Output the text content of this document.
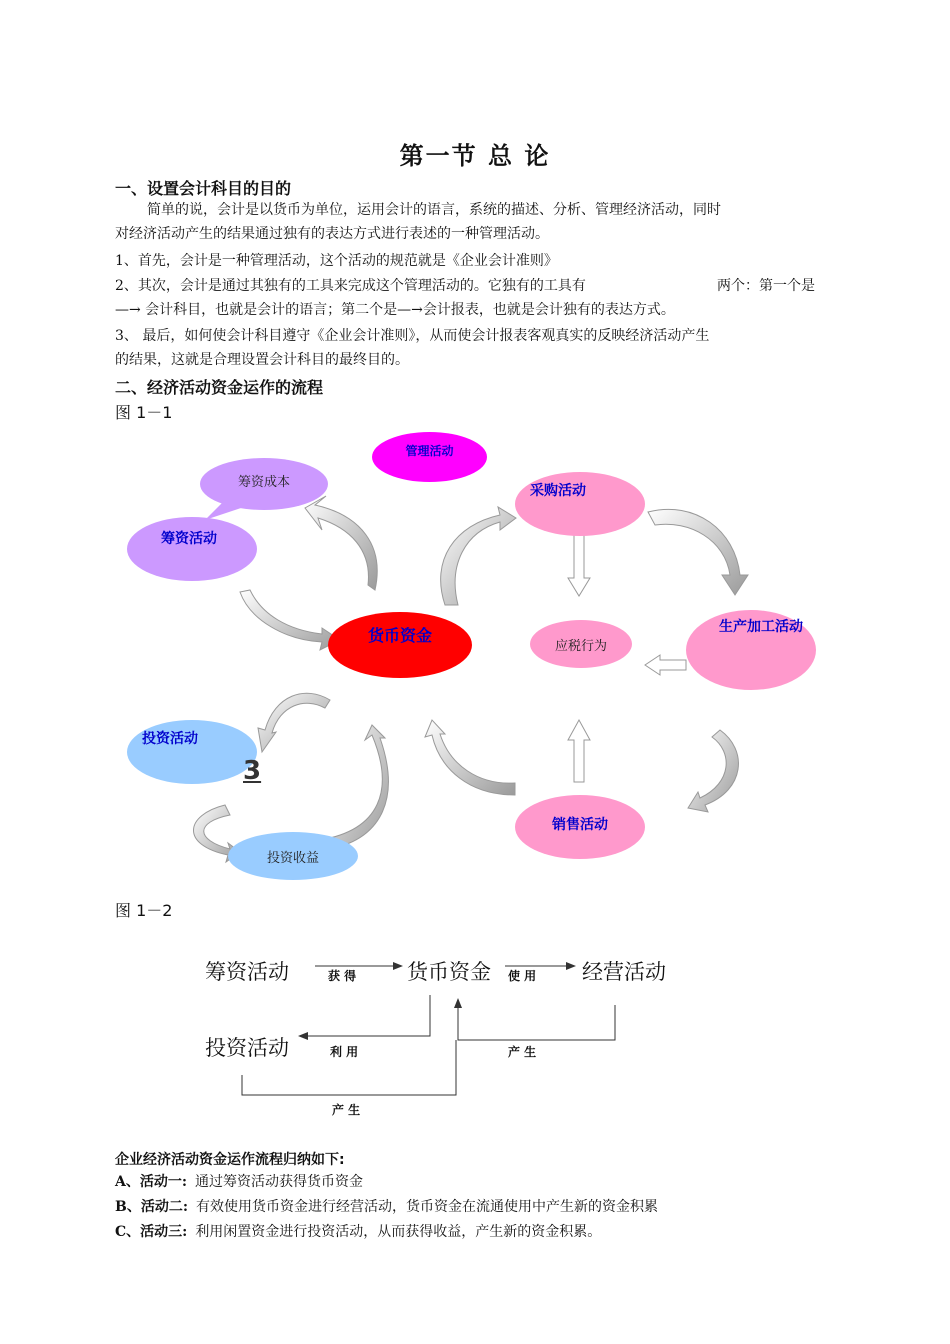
第一节 总 论
一、设置会计科目的目的
简单的说，会计是以货币为单位，运用会计的语言，系统的描述、分析、管理经济活动，同时
对经济活动产生的结果通过独有的表达方式进行表述的一种管理活动。
1、首先，会计是一种管理活动，这个活动的规范就是《企业会计准则》
2、其次，会计是通过其独有的工具来完成这个管理活动的。它独有的工具有	两个：第一个是
—→ 会计科目，也就是会计的语言；第二个是—→会计报表，也就是会计独有的表达方式。
3、 最后，如何使会计科目遵守《企业会计准则》，从而使会计报表客观真实的反映经济活动产生
的结果，这就是合理设置会计科目的最终目的。
二、经济活动资金运作的流程
图 1－1
管理活动
筹资成本
筹资活动
采购活动
货币资金
应税行为
生产加工活动
投资活动
3
投资收益
销售活动
图 1－2
筹资活动	获 得 货币资金 使 用 经营活动
投资活动	利 用	产 生
产 生
企业经济活动资金运作流程归纳如下:
A、活动一: 通过筹资活动获得货币资金
B、活动二: 有效使用货币资金进行经营活动，货币资金在流通使用中产生新的资金积累
C、活动三: 利用闲置资金进行投资活动，从而获得收益，产生新的资金积累。
